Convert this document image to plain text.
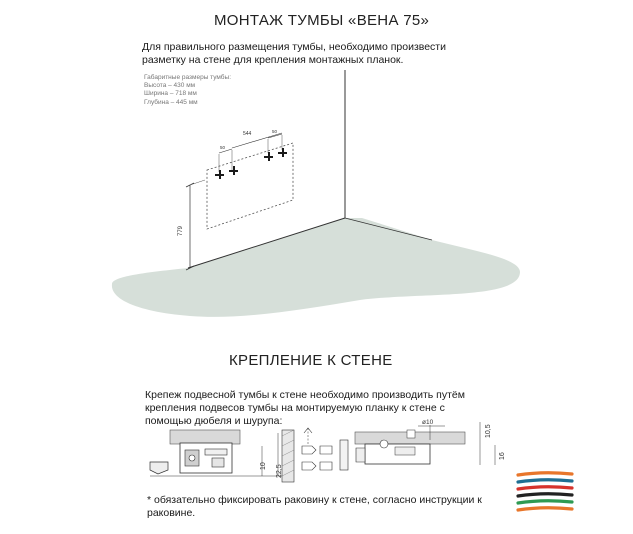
МОНТАЖ ТУМБЫ «ВЕНА 75»
Для правильного размещения тумбы, необходимо произвести разметку на стене для крепления монтажных планок.
Габаритные размеры тумбы:
Высота – 430 мм
Ширина – 718 мм
Глубина – 445 мм
544
50
50
779
КРЕПЛЕНИЕ К СТЕНЕ
Крепеж подвесной тумбы к стене необходимо производить путём крепления подвесов тумбы на монтируемую планку к стене с помощью дюбеля и шурупа:
10 22,5
ø10
10,5
16
* обязательно фиксировать раковину к стене, согласно инструкции к раковине.
